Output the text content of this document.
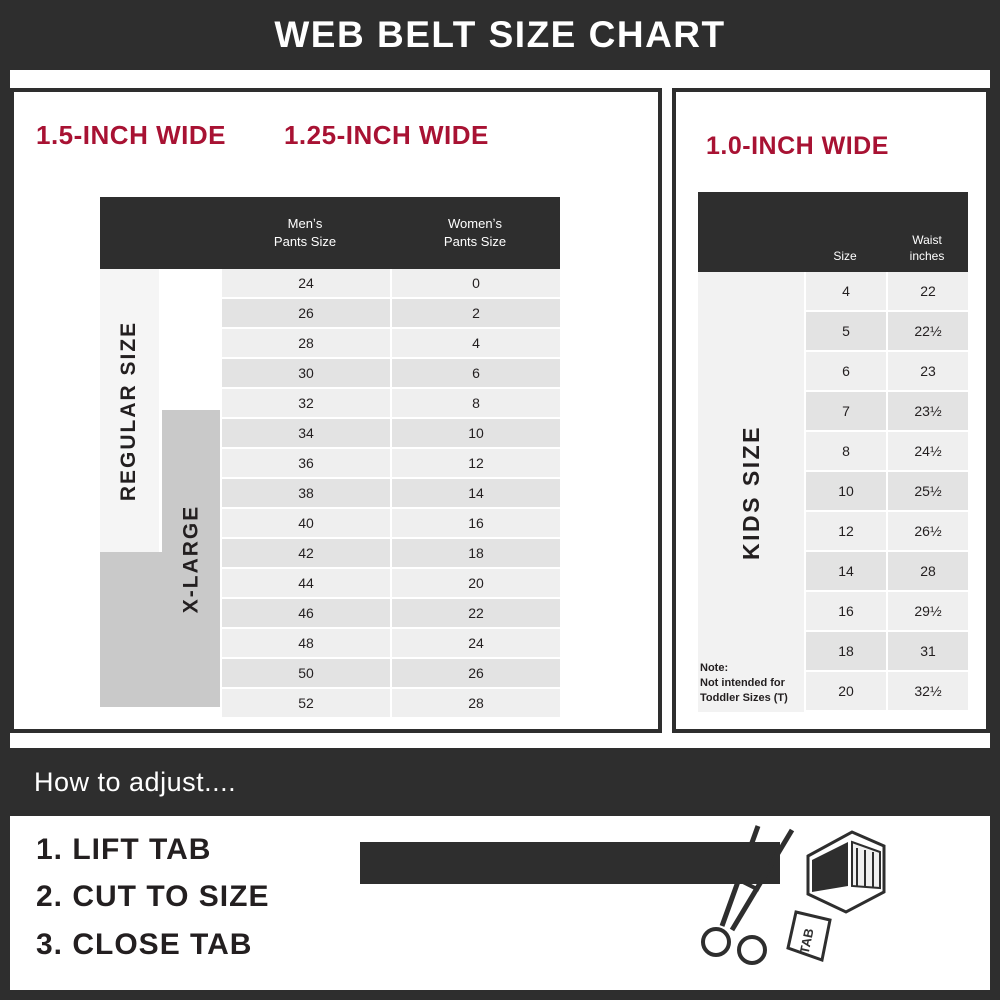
WEB BELT SIZE CHART
1.5-INCH WIDE 1.25-INCH WIDE
Menʼs
Pants Size
Womenʼs
Pants Size
REGULAR SIZE
X-LARGE
24	0
26	2
28	4
30	6
32	8
34	10
36	12
38	14
40	16
42	18
44	20
46	22
48	24
50	26
52	28
1.0-INCH WIDE
Size
Waist
inches
KIDS SIZE
Note:
Not intended for
Toddler Sizes (T)
4	22
5	22½
6	23
7	23½
8	24½
10	25½
12	26½
14	28
16	29½
18	31
20	32½
How to adjust....
1. LIFT TAB
2. CUT TO SIZE
3. CLOSE TAB	TAB
